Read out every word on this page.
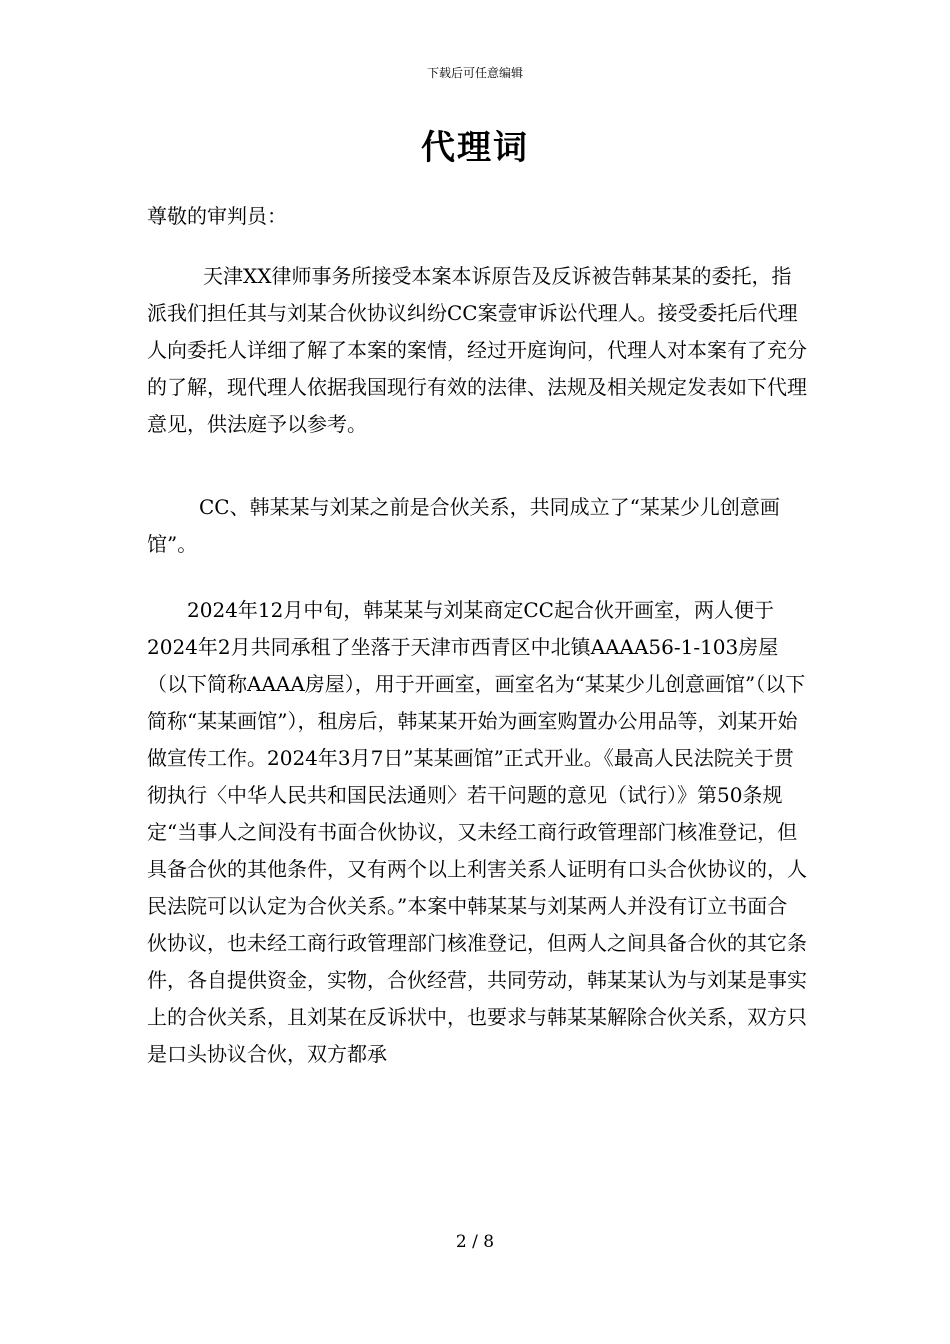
下载后可任意编辑
代理词

尊敬的审判员：

天津XX律师事务所接受本案本诉原告及反诉被告韩某某的委托，指派我们担任其与刘某合伙协议纠纷CC案壹审诉讼代理人。接受委托后代理人向委托人详细了解了本案的案情，经过开庭询问，代理人对本案有了充分的了解，现代理人依据我国现行有效的法律、法规及相关规定发表如下代理意见，供法庭予以参考。

CC、韩某某与刘某之前是合伙关系，共同成立了“某某少儿创意画馆”。

2024年12月中旬，韩某某与刘某商定CC起合伙开画室，两人便于2024年2月共同承租了坐落于天津市西青区中北镇AAAA56-1-103房屋（以下简称AAAA房屋），用于开画室，画室名为“某某少儿创意画馆”（以下简称“某某画馆”），租房后，韩某某开始为画室购置办公用品等，刘某开始做宣传工作。2024年3月7日”某某画馆”正式开业。《最高人民法院关于贯彻执行〈中华人民共和国民法通则〉若干问题的意见（试行）》第50条规定“当事人之间没有书面合伙协议，又未经工商行政管理部门核准登记，但具备合伙的其他条件，又有两个以上利害关系人证明有口头合伙协议的，人民法院可以认定为合伙关系。”本案中韩某某与刘某两人并没有订立书面合伙协议，也未经工商行政管理部门核准登记，但两人之间具备合伙的其它条件，各自提供资金，实物，合伙经营，共同劳动，韩某某认为与刘某是事实上的合伙关系，且刘某在反诉状中，也要求与韩某某解除合伙关系，双方只是口头协议合伙，双方都承

2 / 8
